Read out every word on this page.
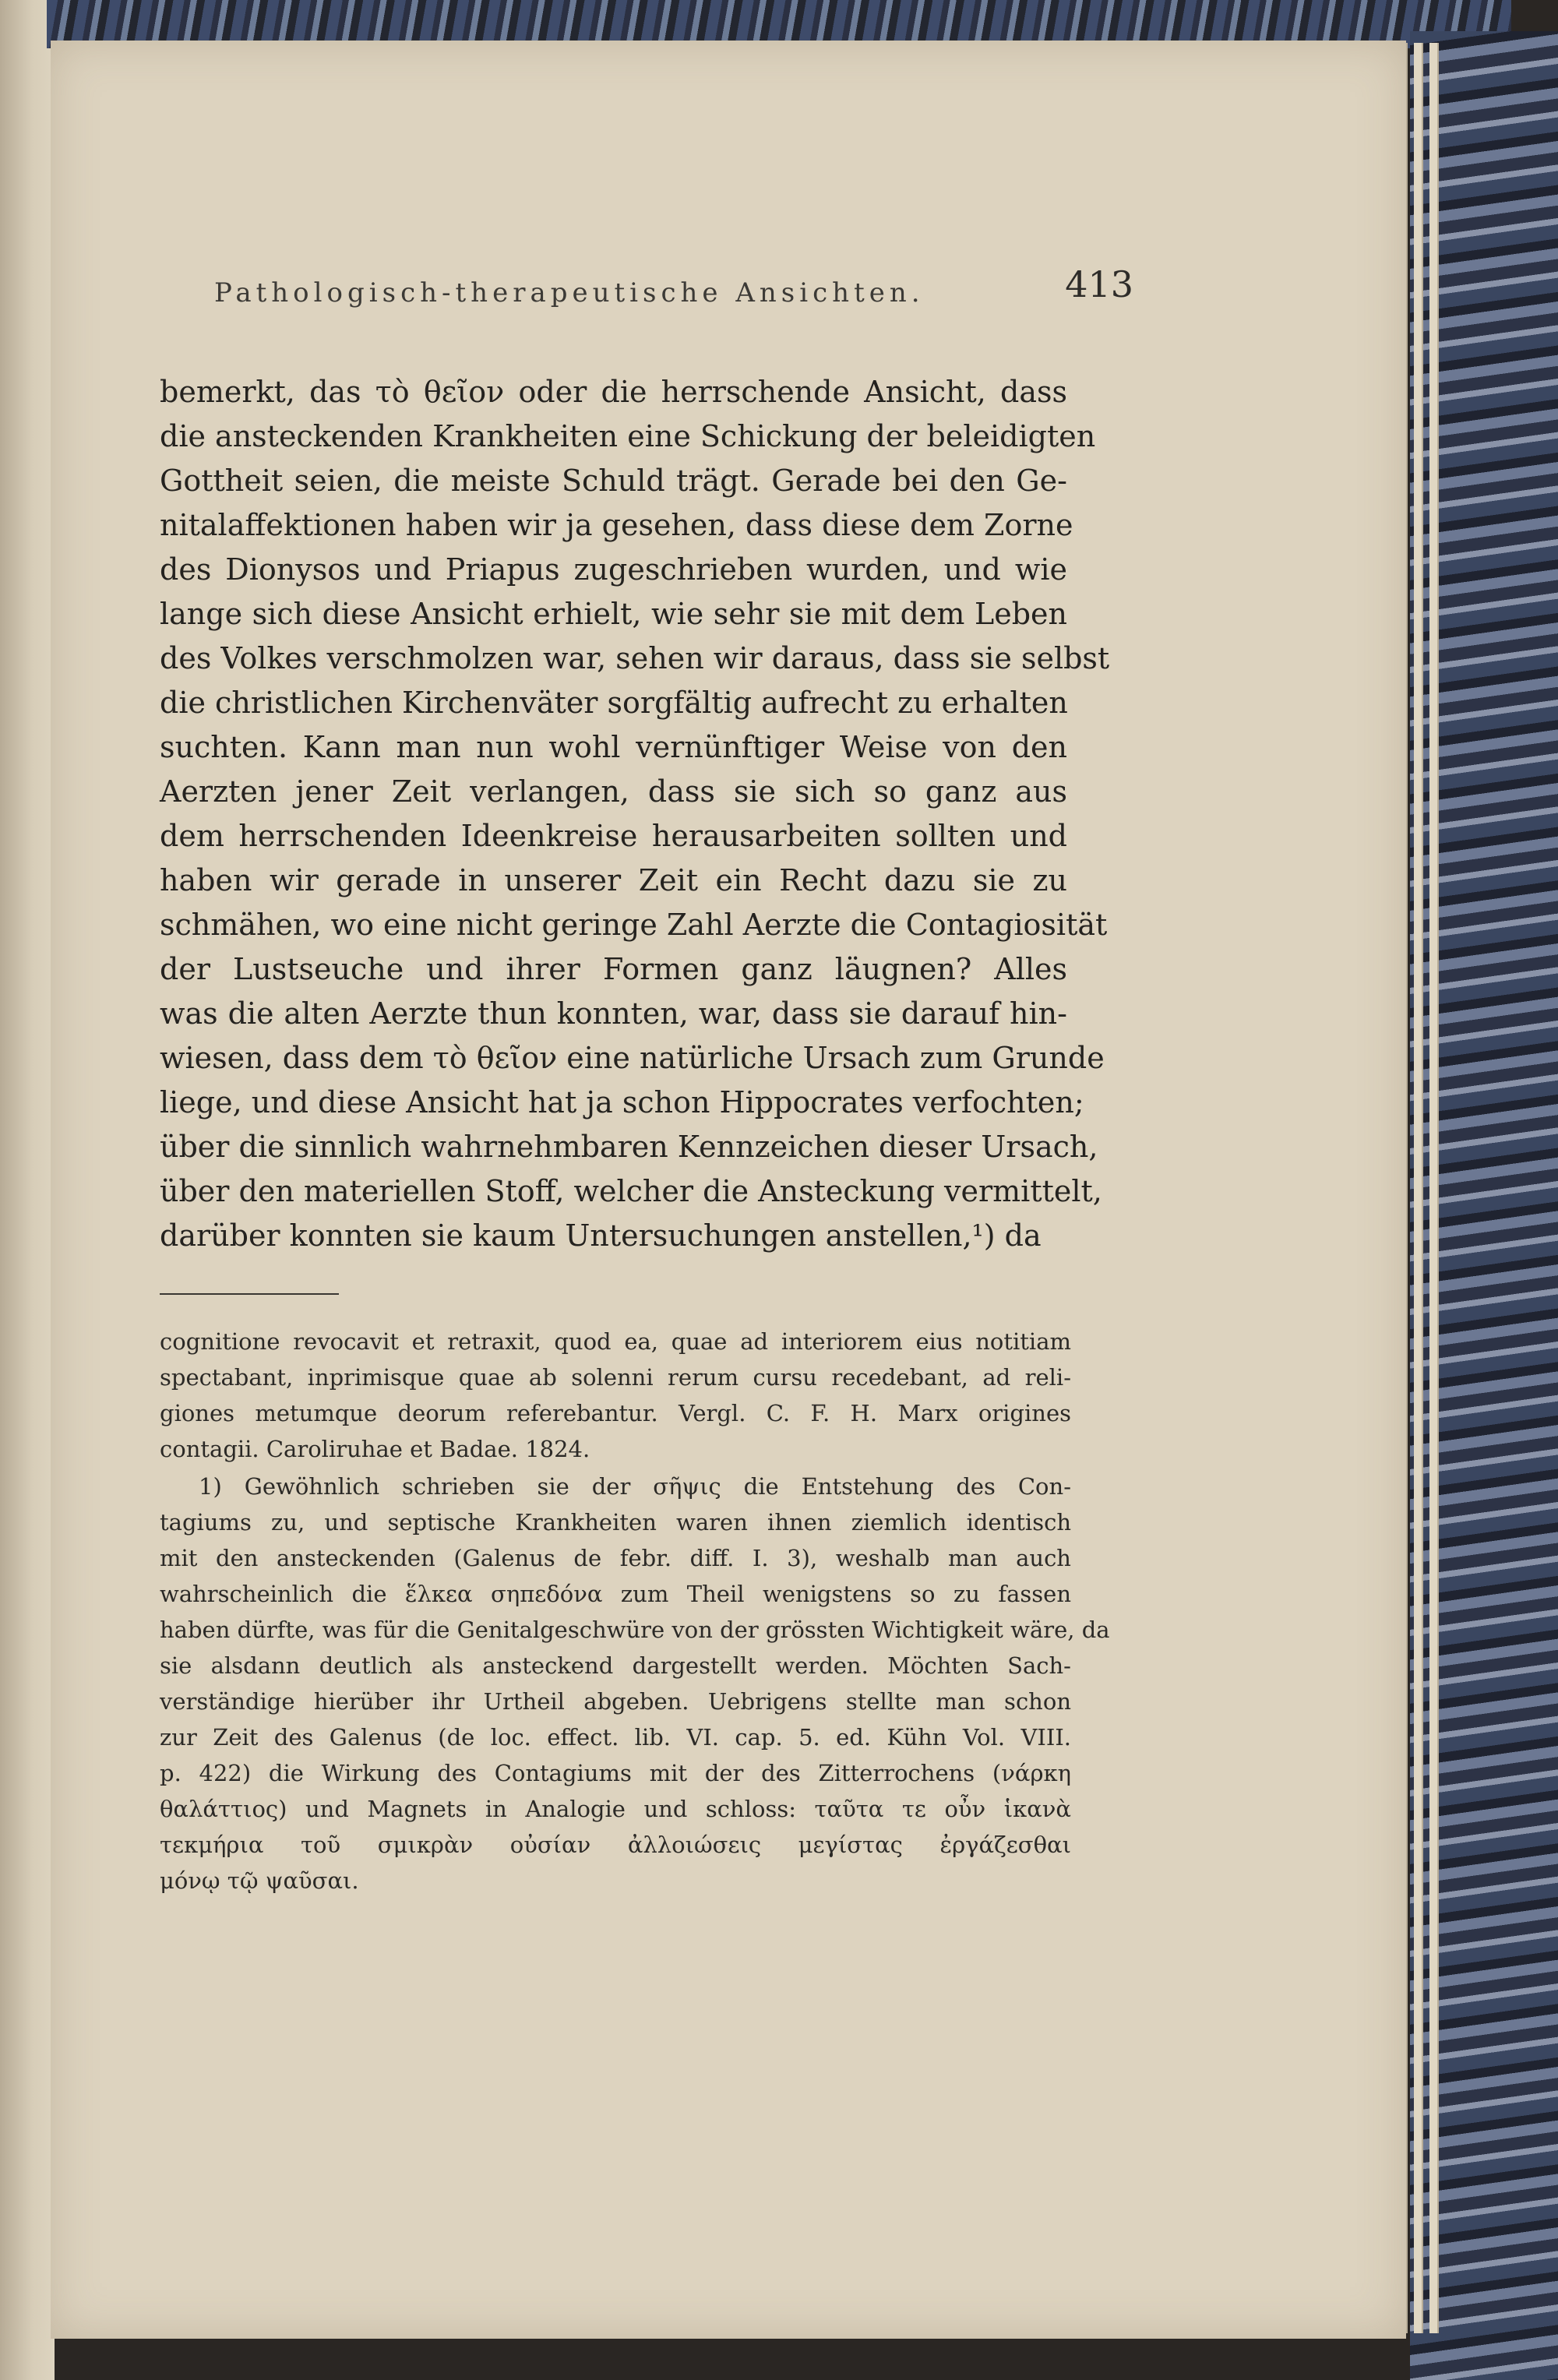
Pathologisch-therapeutische Ansichten.	413
bemerkt, das τὸ θεῖον oder die herrschende Ansicht, dass
die ansteckenden Krankheiten eine Schickung der beleidigten
Gottheit seien, die meiste Schuld trägt. Gerade bei den Ge-
nitalaffektionen haben wir ja gesehen, dass diese dem Zorne
des Dionysos und Priapus zugeschrieben wurden, und wie
lange sich diese Ansicht erhielt, wie sehr sie mit dem Leben
des Volkes verschmolzen war, sehen wir daraus, dass sie selbst
die christlichen Kirchenväter sorgfältig aufrecht zu erhalten
suchten. Kann man nun wohl vernünftiger Weise von den
Aerzten jener Zeit verlangen, dass sie sich so ganz aus
dem herrschenden Ideenkreise herausarbeiten sollten und
haben wir gerade in unserer Zeit ein Recht dazu sie zu
schmähen, wo eine nicht geringe Zahl Aerzte die Contagiosität
der Lustseuche und ihrer Formen ganz läugnen? Alles
was die alten Aerzte thun konnten, war, dass sie darauf hin-
wiesen, dass dem τὸ θεῖον eine natürliche Ursach zum Grunde
liege, und diese Ansicht hat ja schon Hippocrates verfochten;
über die sinnlich wahrnehmbaren Kennzeichen dieser Ursach,
über den materiellen Stoff, welcher die Ansteckung vermittelt,
darüber konnten sie kaum Untersuchungen anstellen,¹) da
cognitione revocavit et retraxit, quod ea, quae ad interiorem eius notitiam
spectabant, inprimisque quae ab solenni rerum cursu recedebant, ad reli-
giones metumque deorum referebantur. Vergl. C. F. H. Marx origines
contagii. Caroliruhae et Badae. 1824.
1) Gewöhnlich schrieben sie der σῆψις die Entstehung des Con-
tagiums zu, und septische Krankheiten waren ihnen ziemlich identisch
mit den ansteckenden (Galenus de febr. diff. I. 3), weshalb man auch
wahrscheinlich die ἕλκεα σηπεδόνα zum Theil wenigstens so zu fassen
haben dürfte, was für die Genitalgeschwüre von der grössten Wichtigkeit wäre, da
sie alsdann deutlich als ansteckend dargestellt werden. Möchten Sach-
verständige hierüber ihr Urtheil abgeben. Uebrigens stellte man schon
zur Zeit des Galenus (de loc. effect. lib. VI. cap. 5. ed. Kühn Vol. VIII.
p. 422) die Wirkung des Contagiums mit der des Zitterrochens (νάρκη
θαλάττιος) und Magnets in Analogie und schloss: ταῦτα τε οὖν ἱκανὰ
τεκμήρια τοῦ σμικρὰν οὐσίαν ἀλλοιώσεις μεγίστας ἐργάζεσθαι
μόνῳ τῷ ψαῦσαι.
